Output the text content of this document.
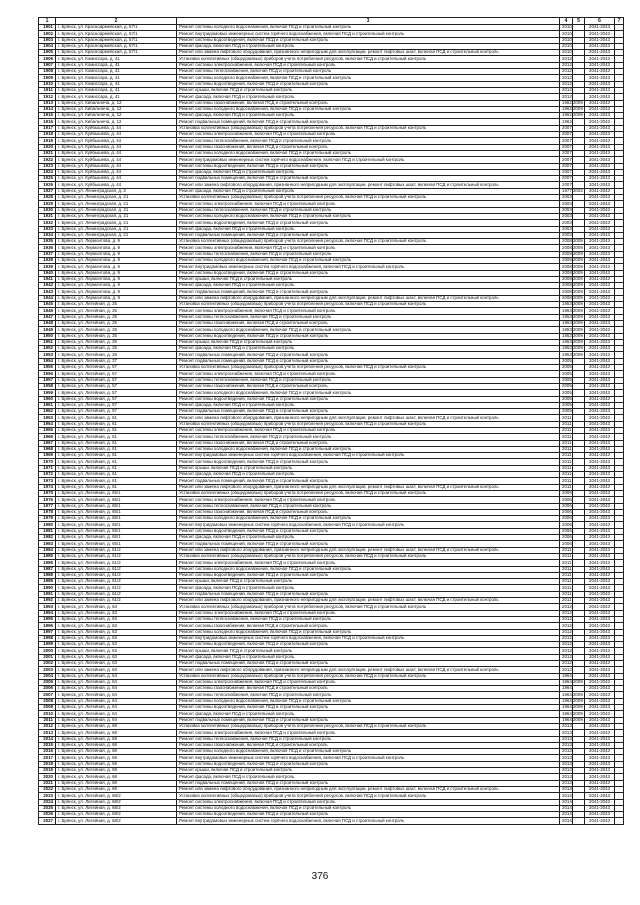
1	2	3	4	5	6	7
1901	г. Брянск, ул. Красноармейская, д. 57/1	Ремонт системы холодного водоснабжения, включая ПСД и строительный контроль	2010		2041-2043	
1902	г. Брянск, ул. Красноармейская, д. 57/1	Ремонт внутридомовых инженерных систем горячего водоснабжения, включая ПСД и строительный контроль	2010		2041-2043	
1903	г. Брянск, ул. Красноармейская, д. 57/1	Ремонт системы водоотведения, включая ПСД и строительный контроль	2010		2041-2043	
1904	г. Брянск, ул. Красноармейская, д. 57/1	Ремонт фасада, включая ПСД и строительный контроль	2010		2041-2043	
1905	г. Брянск, ул. Красноармейская, д. 57/1	Ремонт или замена лифтового оборудования, признанного непригодным для эксплуатации, ремонт лифтовых шахт, включая ПСД и строительный контроль	2010		2041-2043	
1906	г. Брянск, ул. Комиссара, д. 41	Установка коллективных (общедомовых) приборов учета потребления ресурсов, включая ПСД и строительный контроль	2012		2041-2043	
1907	г. Брянск, ул. Комиссара, д. 41	Ремонт системы электроснабжения, включая ПСД и строительный контроль	2012		2041-2043	
1908	г. Брянск, ул. Комиссара, д. 41	Ремонт системы теплоснабжения, включая ПСД и строительный контроль	2012		2041-2043	
1909	г. Брянск, ул. Комиссара, д. 41	Ремонт системы холодного водоснабжения, включая ПСД и строительный контроль	2012		2041-2043	
1910	г. Брянск, ул. Комиссара, д. 41	Ремонт системы водоотведения, включая ПСД и строительный контроль	2012		2041-2043	
1911	г. Брянск, ул. Комиссара, д. 41	Ремонт крыши, включая ПСД и строительный контроль	2012		2041-2043	
1912	г. Брянск, ул. Комиссара, д. 41	Ремонт фасада, включая ПСД и строительный контроль	2012		2041-2043	
1913	г. Брянск, ул. Кибальчича, д. 12	Ремонт системы газоснабжения, включая ПСД и строительный контроль	1962 2009		2041-2043	
1914	г. Брянск, ул. Кибальчича, д. 12	Ремонт системы холодного водоснабжения, включая ПСД и строительный контроль	1962 2009		2041-2043	
1915	г. Брянск, ул. Кибальчича, д. 12	Ремонт фасада, включая ПСД и строительный контроль	1962 2009		2041-2043	
1916	г. Брянск, ул. Кибальчича, д. 12	Ремонт подвальных помещений, включая ПСД и строительный контроль	1962		2041-2043	
1917	г. Брянск, ул. Куйбышева, д. 44	Установка коллективных (общедомовых) приборов учета потребления ресурсов, включая ПСД и строительный контроль	2007		2041-2043	
1918	г. Брянск, ул. Куйбышева, д. 44	Ремонт системы электроснабжения, включая ПСД и строительный контроль	2007		2041-2043	
1919	г. Брянск, ул. Куйбышева, д. 44	Ремонт системы теплоснабжения, включая ПСД и строительный контроль	2007		2041-2043	
1920	г. Брянск, ул. Куйбышева, д. 44	Ремонт системы газоснабжения, включая ПСД и строительный контроль	2007		2041-2043	
1921	г. Брянск, ул. Куйбышева, д. 44	Ремонт системы холодного водоснабжения, включая ПСД и строительный контроль	2007		2041-2043	
1922	г. Брянск, ул. Куйбышева, д. 44	Ремонт внутридомовых инженерных систем горячего водоснабжения, включая ПСД и строительный контроль	2007		2041-2043	
1923	г. Брянск, ул. Куйбышева, д. 44	Ремонт системы водоотведения, включая ПСД и строительный контроль	2007		2041-2043	
1924	г. Брянск, ул. Куйбышева, д. 44	Ремонт фасада, включая ПСД и строительный контроль	2007		2041-2043	
1925	г. Брянск, ул. Куйбышева, д. 44	Ремонт подвальных помещений, включая ПСД и строительный контроль	2007		2041-2043	
1926	г. Брянск, ул. Куйбышева, д. 44	Ремонт или замена лифтового оборудования, признанного непригодным для эксплуатации, ремонт лифтовых шахт, включая ПСД и строительный контроль	2007		2041-2043	
1927	г. Брянск, ул. Ленинградская, д. 3	Ремонт фасада, включая ПСД и строительный контроль	1977 2002		2041-2043	
1928	г. Брянск, ул. Ленинградская, д. 21	Установка коллективных (общедомовых) приборов учета потребления ресурсов, включая ПСД и строительный контроль	2003		2041-2043	
1929	г. Брянск, ул. Ленинградская, д. 21	Ремонт системы электроснабжения, включая ПСД и строительный контроль	2003		2041-2043	
1930	г. Брянск, ул. Ленинградская, д. 21	Ремонт системы теплоснабжения, включая ПСД и строительный контроль	2003		2041-2043	
1931	г. Брянск, ул. Ленинградская, д. 21	Ремонт системы холодного водоснабжения, включая ПСД и строительный контроль	2003		2041-2043	
1932	г. Брянск, ул. Ленинградская, д. 21	Ремонт системы водоотведения, включая ПСД и строительный контроль	2003		2041-2043	
1933	г. Брянск, ул. Ленинградская, д. 21	Ремонт фасада, включая ПСД и строительный контроль	2003		2041-2043	
1934	г. Брянск, ул. Ленинградская, д. 21	Ремонт подвальных помещений, включая ПСД и строительный контроль	2003		2041-2043	
1935	г. Брянск, ул. Лермонтова, д. 9	Установка коллективных (общедомовых) приборов учета потребления ресурсов, включая ПСД и строительный контроль	2008 2009		2041-2043	
1936	г. Брянск, ул. Лермонтова, д. 9	Ремонт системы электроснабжения, включая ПСД и строительный контроль	2008 2009		2041-2043	
1937	г. Брянск, ул. Лермонтова, д. 9	Ремонт системы теплоснабжения, включая ПСД и строительный контроль	2008 2009		2041-2043	
1938	г. Брянск, ул. Лермонтова, д. 9	Ремонт системы холодного водоснабжения, включая ПСД и строительный контроль	2008 2009		2041-2043	
1939	г. Брянск, ул. Лермонтова, д. 9	Ремонт внутридомовых инженерных систем горячего водоснабжения, включая ПСД и строительный контроль	2008 2009		2041-2043	
1940	г. Брянск, ул. Лермонтова, д. 9	Ремонт системы водоотведения, включая ПСД и строительный контроль	2008 2009		2041-2043	
1941	г. Брянск, ул. Лермонтова, д. 9	Ремонт крыши, включая ПСД и строительный контроль	2008 2009		2041-2043	
1942	г. Брянск, ул. Лермонтова, д. 9	Ремонт фасада, включая ПСД и строительный контроль	2008 2009		2041-2043	
1943	г. Брянск, ул. Лермонтова, д. 9	Ремонт подвальных помещений, включая ПСД и строительный контроль	2008 2009		2041-2043	
1944	г. Брянск, ул. Лермонтова, д. 9	Ремонт или замена лифтового оборудования, признанного непригодным для эксплуатации, ремонт лифтовых шахт, включая ПСД и строительный контроль	2008 2009		2041-2043	
1945	г. Брянск, ул. Литейная, д. 25	Установка коллективных (общедомовых) приборов учета потребления ресурсов, включая ПСД и строительный контроль	1953 2009		2041-2043	
1946	г. Брянск, ул. Литейная, д. 25	Ремонт системы электроснабжения, включая ПСД и строительный контроль	1953 2009		2041-2043	
1947	г. Брянск, ул. Литейная, д. 25	Ремонт системы теплоснабжения, включая ПСД и строительный контроль	1953 2009		2041-2043	
1948	г. Брянск, ул. Литейная, д. 25	Ремонт системы газоснабжения, включая ПСД и строительный контроль	1953 2009		2041-2043	
1949	г. Брянск, ул. Литейная, д. 25	Ремонт системы холодного водоснабжения, включая ПСД и строительный контроль	1953 2009		2041-2043	
1950	г. Брянск, ул. Литейная, д. 25	Ремонт системы водоотведения, включая ПСД и строительный контроль	1953 2009		2041-2043	
1951	г. Брянск, ул. Литейная, д. 25	Ремонт крыши, включая ПСД и строительный контроль	1953 2009		2041-2043	
1952	г. Брянск, ул. Литейная, д. 25	Ремонт фасада, включая ПСД и строительный контроль	1953 2009		2041-2043	
1953	г. Брянск, ул. Литейная, д. 25	Ремонт подвальных помещений, включая ПСД и строительный контроль	1953 2009		2041-2043	
1954	г. Брянск, ул. Литейная, д. 37	Ремонт подвальных помещений, включая ПСД и строительный контроль	2005		2041-2043	
1955	г. Брянск, ул. Литейная, д. 57	Установка коллективных (общедомовых) приборов учета потребления ресурсов, включая ПСД и строительный контроль	2005		2041-2043	
1956	г. Брянск, ул. Литейная, д. 57	Ремонт системы электроснабжения, включая ПСД и строительный контроль	2005		2041-2043	
1957	г. Брянск, ул. Литейная, д. 57	Ремонт системы теплоснабжения, включая ПСД и строительный контроль	2005		2041-2043	
1958	г. Брянск, ул. Литейная, д. 57	Ремонт системы газоснабжения, включая ПСД и строительный контроль	2005		2041-2043	
1959	г. Брянск, ул. Литейная, д. 57	Ремонт системы холодного водоснабжения, включая ПСД и строительный контроль	2005		2041-2043	
1960	г. Брянск, ул. Литейная, д. 57	Ремонт системы водоотведения, включая ПСД и строительный контроль	2005		2041-2043	
1961	г. Брянск, ул. Литейная, д. 57	Ремонт фасада, включая ПСД и строительный контроль	2005		2041-2043	
1962	г. Брянск, ул. Литейная, д. 57	Ремонт подвальных помещений, включая ПСД и строительный контроль	2005		2041-2043	
1963	г. Брянск, ул. Литейная, д. 61	Ремонт или замена лифтового оборудования, признанного непригодным для эксплуатации, ремонт лифтовых шахт, включая ПСД и строительный контроль	2011		2041-2043	
1964	г. Брянск, ул. Литейная, д. 61	Установка коллективных (общедомовых) приборов учета потребления ресурсов, включая ПСД и строительный контроль	2011		2041-2043	
1965	г. Брянск, ул. Литейная, д. 61	Ремонт системы электроснабжения, включая ПСД и строительный контроль	2011		2041-2043	
1966	г. Брянск, ул. Литейная, д. 61	Ремонт системы теплоснабжения, включая ПСД и строительный контроль	2011		2041-2043	
1967	г. Брянск, ул. Литейная, д. 61	Ремонт системы газоснабжения, включая ПСД и строительный контроль	2011		2041-2043	
1968	г. Брянск, ул. Литейная, д. 61	Ремонт системы холодного водоснабжения, включая ПСД и строительный контроль	2011		2041-2043	
1969	г. Брянск, ул. Литейная, д. 61	Ремонт внутридомовых инженерных систем горячего водоснабжения, включая ПСД и строительный контроль	2011		2041-2043	
1970	г. Брянск, ул. Литейная, д. 61	Ремонт системы водоотведения, включая ПСД и строительный контроль	2011		2041-2043	
1971	г. Брянск, ул. Литейная, д. 61	Ремонт крыши, включая ПСД и строительный контроль	2011		2041-2043	
1972	г. Брянск, ул. Литейная, д. 61	Ремонт фасада, включая ПСД и строительный контроль	2011		2041-2043	
1973	г. Брянск, ул. Литейная, д. 61	Ремонт подвальных помещений, включая ПСД и строительный контроль	2011		2041-2043	
1974	г. Брянск, ул. Литейная, д. 61	Ремонт или замена лифтового оборудования, признанного непригодным для эксплуатации, ремонт лифтовых шахт, включая ПСД и строительный контроль	2011		2041-2043	
1975	г. Брянск, ул. Литейная, д. 65/1	Установка коллективных (общедомовых) приборов учета потребления ресурсов, включая ПСД и строительный контроль	2006		2041-2043	
1976	г. Брянск, ул. Литейная, д. 65/1	Ремонт системы электроснабжения, включая ПСД и строительный контроль	2006		2041-2043	
1977	г. Брянск, ул. Литейная, д. 65/1	Ремонт системы теплоснабжения, включая ПСД и строительный контроль	2006		2041-2043	
1978	г. Брянск, ул. Литейная, д. 65/1	Ремонт системы газоснабжения, включая ПСД и строительный контроль	2006		2041-2043	
1979	г. Брянск, ул. Литейная, д. 65/1	Ремонт системы холодного водоснабжения, включая ПСД и строительный контроль	2006		2041-2043	
1980	г. Брянск, ул. Литейная, д. 65/1	Ремонт внутридомовых инженерных систем горячего водоснабжения, включая ПСД и строительный контроль	2006		2041-2043	
1981	г. Брянск, ул. Литейная, д. 65/1	Ремонт системы водоотведения, включая ПСД и строительный контроль	2006		2041-2043	
1982	г. Брянск, ул. Литейная, д. 65/1	Ремонт фасада, включая ПСД и строительный контроль	2006		2041-2043	
1983	г. Брянск, ул. Литейная, д. 65/1	Ремонт подвальных помещений, включая ПСД и строительный контроль	2006		2041-2043	
1984	г. Брянск, ул. Литейная, д. 61/2	Ремонт или замена лифтового оборудования, признанного непригодным для эксплуатации, ремонт лифтовых шахт, включая ПСД и строительный контроль	2011		2041-2043	
1985	г. Брянск, ул. Литейная, д. 61/2	Установка коллективных (общедомовых) приборов учета потребления ресурсов, включая ПСД и строительный контроль	2011		2041-2043	
1986	г. Брянск, ул. Литейная, д. 61/2	Ремонт системы электроснабжения, включая ПСД и строительный контроль	2011		2041-2043	
1987	г. Брянск, ул. Литейная, д. 61/2	Ремонт системы холодного водоснабжения, включая ПСД и строительный контроль	2011		2041-2043	
1988	г. Брянск, ул. Литейная, д. 61/2	Ремонт системы водоотведения, включая ПСД и строительный контроль	2011		2041-2043	
1989	г. Брянск, ул. Литейная, д. 61/2	Ремонт крыши, включая ПСД и строительный контроль	2011		2041-2043	
1990	г. Брянск, ул. Литейная, д. 61/2	Ремонт фасада, включая ПСД и строительный контроль	2011		2041-2043	
1991	г. Брянск, ул. Литейная, д. 61/2	Ремонт подвальных помещений, включая ПСД и строительный контроль	2011		2041-2043	
1992	г. Брянск, ул. Литейная, д. 61/2	Ремонт или замена лифтового оборудования, признанного непригодным для эксплуатации, ремонт лифтовых шахт, включая ПСД и строительный контроль	2011		2041-2043	
1993	г. Брянск, ул. Литейная, д. 63	Установка коллективных (общедомовых) приборов учета потребления ресурсов, включая ПСД и строительный контроль	2012		2041-2043	
1994	г. Брянск, ул. Литейная, д. 63	Ремонт системы электроснабжения, включая ПСД и строительный контроль	2012		2041-2043	
1995	г. Брянск, ул. Литейная, д. 63	Ремонт системы теплоснабжения, включая ПСД и строительный контроль	2012		2041-2043	
1996	г. Брянск, ул. Литейная, д. 63	Ремонт системы газоснабжения, включая ПСД и строительный контроль	2012		2041-2043	
1997	г. Брянск, ул. Литейная, д. 63	Ремонт системы холодного водоснабжения, включая ПСД и строительный контроль	2012		2041-2043	
1998	г. Брянск, ул. Литейная, д. 63	Ремонт внутридомовых инженерных систем горячего водоснабжения, включая ПСД и строительный контроль	2012		2041-2043	
1999	г. Брянск, ул. Литейная, д. 63	Ремонт системы водоотведения, включая ПСД и строительный контроль	2012		2041-2043	
2000	г. Брянск, ул. Литейная, д. 63	Ремонт крыши, включая ПСД и строительный контроль	2012		2041-2043	
2001	г. Брянск, ул. Литейная, д. 63	Ремонт фасада, включая ПСД и строительный контроль	2012		2041-2043	
2002	г. Брянск, ул. Литейная, д. 63	Ремонт подвальных помещений, включая ПСД и строительный контроль	2012		2041-2043	
2003	г. Брянск, ул. Литейная, д. 63	Ремонт или замена лифтового оборудования, признанного непригодным для эксплуатации, ремонт лифтовых шахт, включая ПСД и строительный контроль	2012		2041-2043	
2004	г. Брянск, ул. Литейная, д. 64	Установка коллективных (общедомовых) приборов учета потребления ресурсов, включая ПСД и строительный контроль	1964		2041-2043	
2005	г. Брянск, ул. Литейная, д. 64	Ремонт системы электроснабжения, включая ПСД и строительный контроль	1964 2009		2041-2043	
2006	г. Брянск, ул. Литейная, д. 64	Ремонт системы газоснабжения, включая ПСД и строительный контроль	1964		2041-2043	
2007	г. Брянск, ул. Литейная, д. 64	Ремонт системы теплоснабжения, включая ПСД и строительный контроль	1964 2009		2041-2043	
2008	г. Брянск, ул. Литейная, д. 64	Ремонт системы холодного водоснабжения, включая ПСД и строительный контроль	1964 2009		2041-2043	
2009	г. Брянск, ул. Литейная, д. 64	Ремонт системы водоотведения, включая ПСД и строительный контроль	1964 2009		2041-2043	
2010	г. Брянск, ул. Литейная, д. 64	Ремонт фасада, включая ПСД и строительный контроль	1964 2009		2041-2043	
2011	г. Брянск, ул. Литейная, д. 64	Ремонт подвальных помещений, включая ПСД и строительный контроль	1964 2009		2041-2043	
2012	г. Брянск, ул. Литейная, д. 68	Установка коллективных (общедомовых) приборов учета потребления ресурсов, включая ПСД и строительный контроль	2013		2041-2043	
2013	г. Брянск, ул. Литейная, д. 68	Ремонт системы электроснабжения, включая ПСД и строительный контроль	2013		2041-2043	
2014	г. Брянск, ул. Литейная, д. 68	Ремонт системы теплоснабжения, включая ПСД и строительный контроль	2013		2041-2043	
2015	г. Брянск, ул. Литейная, д. 68	Ремонт системы газоснабжения, включая ПСД и строительный контроль	2013		2041-2043	
2016	г. Брянск, ул. Литейная, д. 68	Ремонт системы холодного водоснабжения, включая ПСД и строительный контроль	2013		2041-2043	
2017	г. Брянск, ул. Литейная, д. 68	Ремонт внутридомовых инженерных систем горячего водоснабжения, включая ПСД и строительный контроль	2013		2041-2043	
2018	г. Брянск, ул. Литейная, д. 68	Ремонт системы водоотведения, включая ПСД и строительный контроль	2013		2041-2043	
2019	г. Брянск, ул. Литейная, д. 68	Ремонт крыши, включая ПСД и строительный контроль	2013		2041-2043	
2020	г. Брянск, ул. Литейная, д. 68	Ремонт фасада, включая ПСД и строительный контроль	2013		2041-2043	
2021	г. Брянск, ул. Литейная, д. 68	Ремонт подвальных помещений, включая ПСД и строительный контроль	2013		2041-2043	
2022	г. Брянск, ул. Литейная, д. 68	Ремонт или замена лифтового оборудования, признанного непригодным для эксплуатации, ремонт лифтовых шахт, включая ПСД и строительный контроль	2013		2041-2043	
2023	г. Брянск, ул. Литейная, д. 68/2	Установка коллективных (общедомовых) приборов учета потребления ресурсов, включая ПСД и строительный контроль	2014		2041-2043	
2024	г. Брянск, ул. Литейная, д. 68/2	Ремонт системы электроснабжения, включая ПСД и строительный контроль	2014		2041-2043	
2025	г. Брянск, ул. Литейная, д. 68/2	Ремонт системы холодного водоснабжения, включая ПСД и строительный контроль	2014		2041-2043	
2026	г. Брянск, ул. Литейная, д. 68/2	Ремонт системы водоотведения, включая ПСД и строительный контроль	2014		2041-2043	
2027	г. Брянск, ул. Литейная, д. 68/2	Ремонт внутридомовых инженерных систем горячего водоснабжения, включая ПСД и строительный контроль	2014		2041-2043	
376
